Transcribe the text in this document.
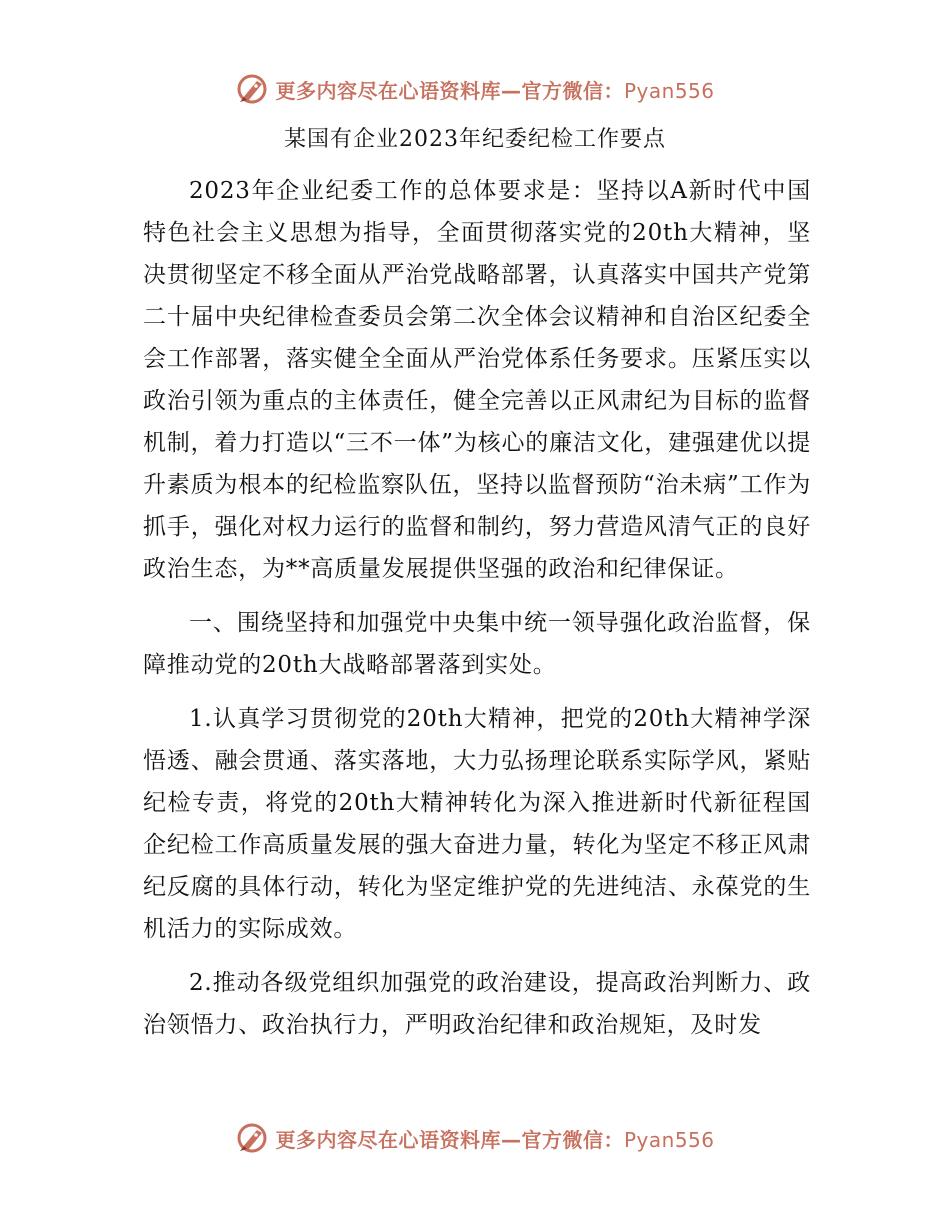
更多内容尽在心语资料库—官方微信：Pyan556
某国有企业2023年纪委纪检工作要点

2023年企业纪委工作的总体要求是：坚持以A新时代中国特色社会主义思想为指导，全面贯彻落实党的20th大精神，坚决贯彻坚定不移全面从严治党战略部署，认真落实中国共产党第二十届中央纪律检查委员会第二次全体会议精神和自治区纪委全会工作部署，落实健全全面从严治党体系任务要求。压紧压实以政治引领为重点的主体责任，健全完善以正风肃纪为目标的监督机制，着力打造以“三不一体”为核心的廉洁文化，建强建优以提升素质为根本的纪检监察队伍，坚持以监督预防“治未病”工作为抓手，强化对权力运行的监督和制约，努力营造风清气正的良好政治生态，为**高质量发展提供坚强的政治和纪律保证。

一、围绕坚持和加强党中央集中统一领导强化政治监督，保障推动党的20th大战略部署落到实处。

1.认真学习贯彻党的20th大精神，把党的20th大精神学深悟透、融会贯通、落实落地，大力弘扬理论联系实际学风，紧贴纪检专责，将党的20th大精神转化为深入推进新时代新征程国企纪检工作高质量发展的强大奋进力量，转化为坚定不移正风肃纪反腐的具体行动，转化为坚定维护党的先进纯洁、永葆党的生机活力的实际成效。

2.推动各级党组织加强党的政治建设，提高政治判断力、政治领悟力、政治执行力，严明政治纪律和政治规矩，及时发

更多内容尽在心语资料库—官方微信：Pyan556
